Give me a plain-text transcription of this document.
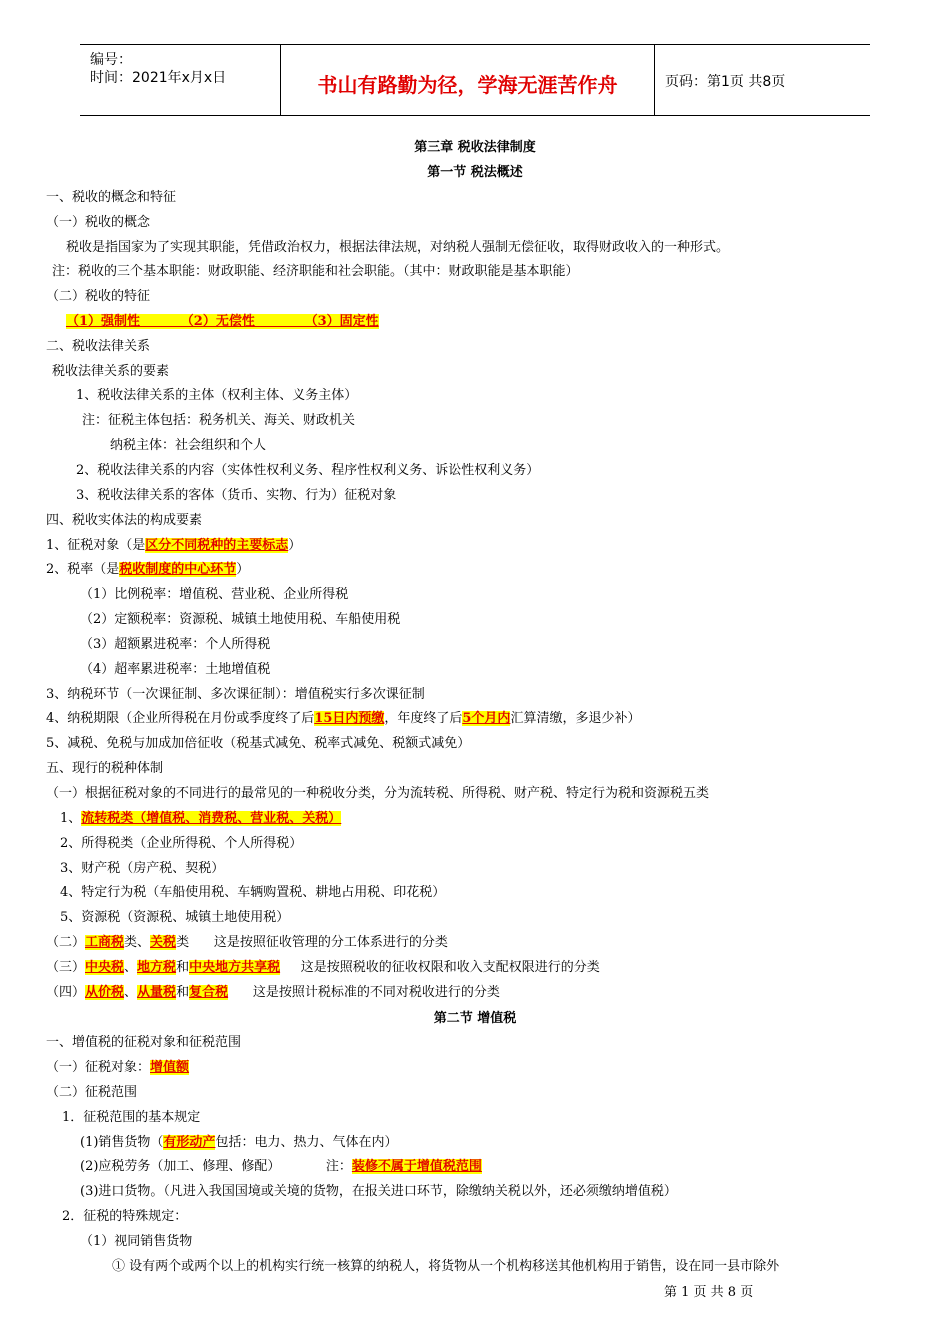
编号：
时间：2021年x月x日	书山有路勤为径，学海无涯苦作舟	页码：第1页 共8页
第三章 税收法律制度
第一节 税法概述
一、税收的概念和特征
（一）税收的概念
税收是指国家为了实现其职能，凭借政治权力，根据法律法规，对纳税人强制无偿征收，取得财政收入的一种形式。
注：税收的三个基本职能：财政职能、经济职能和社会职能。（其中：财政职能是基本职能）
（二）税收的特征
（1）强制性         （2）无偿性           （3）固定性
二、税收法律关系
税收法律关系的要素
1、税收法律关系的主体（权利主体、义务主体）
注：征税主体包括：税务机关、海关、财政机关
纳税主体：社会组织和个人
2、税收法律关系的内容（实体性权利义务、程序性权利义务、诉讼性权利义务）
3、税收法律关系的客体（货币、实物、行为）征税对象
四、税收实体法的构成要素
1、征税对象（是区分不同税种的主要标志）
2、税率（是税收制度的中心环节）
（1）比例税率：增值税、营业税、企业所得税
（2）定额税率：资源税、城镇土地使用税、车船使用税
（3）超额累进税率：个人所得税
（4）超率累进税率：土地增值税
3、纳税环节（一次课征制、多次课征制）：增值税实行多次课征制
4、纳税期限（企业所得税在月份或季度终了后15日内预缴，年度终了后5个月内汇算清缴，多退少补）
5、减税、免税与加成加倍征收（税基式减免、税率式减免、税额式减免）
五、现行的税种体制
（一）根据征税对象的不同进行的最常见的一种税收分类，分为流转税、所得税、财产税、特定行为税和资源税五类
1、流转税类（增值税、消费税、营业税、关税）
2、所得税类（企业所得税、个人所得税）
3、财产税（房产税、契税）
4、特定行为税（车船使用税、车辆购置税、耕地占用税、印花税）
5、资源税（资源税、城镇土地使用税）
（二）工商税类、关税类      这是按照征收管理的分工体系进行的分类
（三）中央税、地方税和中央地方共享税     这是按照税收的征收权限和收入支配权限进行的分类
（四）从价税、从量税和复合税      这是按照计税标准的不同对税收进行的分类
第二节 增值税
一、增值税的征税对象和征税范围
（一）征税对象：增值额
（二）征税范围
1．征税范围的基本规定
(1)销售货物（有形动产包括：电力、热力、气体在内）
(2)应税劳务（加工、修理、修配）           注：装修不属于增值税范围
(3)进口货物。（凡进入我国国境或关境的货物，在报关进口环节，除缴纳关税以外，还必须缴纳增值税）
2．征税的特殊规定：
（1）视同销售货物
① 设有两个或两个以上的机构实行统一核算的纳税人，将货物从一个机构移送其他机构用于销售，设在同一县市除外
第 1 页 共 8 页
